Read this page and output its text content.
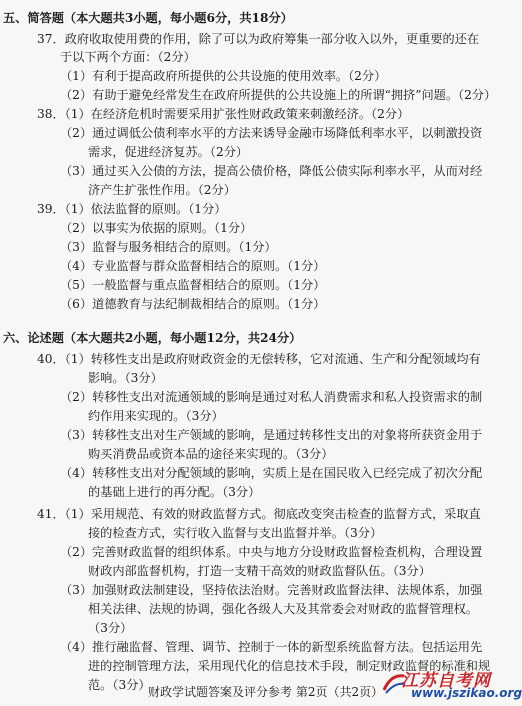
五、简答题（本大题共3小题，每小题6分，共18分）
37．政府收取使用费的作用，除了可以为政府筹集一部分收入以外，更重要的还在
于以下两个方面：（2分）
（1）有利于提高政府所提供的公共设施的使用效率。（2分）
（2）有助于避免经常发生在政府所提供的公共设施上的所谓“拥挤”问题。（2分）
38．（1）在经济危机时需要采用扩张性财政政策来刺激经济。（2分）
（2）通过调低公债利率水平的方法来诱导金融市场降低利率水平，以刺激投资
需求，促进经济复苏。（2分）
（3）通过买入公债的方法，提高公债价格，降低公债实际利率水平，从而对经
济产生扩张性作用。（2分）
39．（1）依法监督的原则。（1分）
（2）以事实为依据的原则。（1分）
（3）监督与服务相结合的原则。（1分）
（4）专业监督与群众监督相结合的原则。（1分）
（5）一般监督与重点监督相结合的原则。（1分）
（6）道德教育与法纪制裁相结合的原则。（1分）
六、论述题（本大题共2小题，每小题12分，共24分）
40．（1）转移性支出是政府财政资金的无偿转移，它对流通、生产和分配领域均有
影响。（3分）
（2）转移性支出对流通领域的影响是通过对私人消费需求和私人投资需求的制
约作用来实现的。（3分）
（3）转移性支出对生产领域的影响，是通过转移性支出的对象将所获资金用于
购买消费品或资本品的途径来实现的。（3分）
（4）转移性支出对分配领域的影响，实质上是在国民收入已经完成了初次分配
的基础上进行的再分配。（3分）
41．（1）采用规范、有效的财政监督方式。彻底改变突击检查的监督方式，采取直
接的检查方式，实行收入监督与支出监督并举。（3分）
（2）完善财政监督的组织体系。中央与地方分设财政监督检查机构，合理设置
财政内部监督机构，打造一支精干高效的财政监督队伍。（3分）
（3）加强财政法制建设，坚持依法治财。完善财政监督法律、法规体系，加强
相关法律、法规的协调，强化各级人大及其常委会对财政的监督管理权。
（3分）
（4）推行融监督、管理、调节、控制于一体的新型系统监督方法。包括运用先
进的控制管理方法，采用现代化的信息技术手段，制定财政监督的标准和规
范。（3分）
财政学试题答案及评分参考 第2页（共2页）
江苏自考网
www.jszikao.org
